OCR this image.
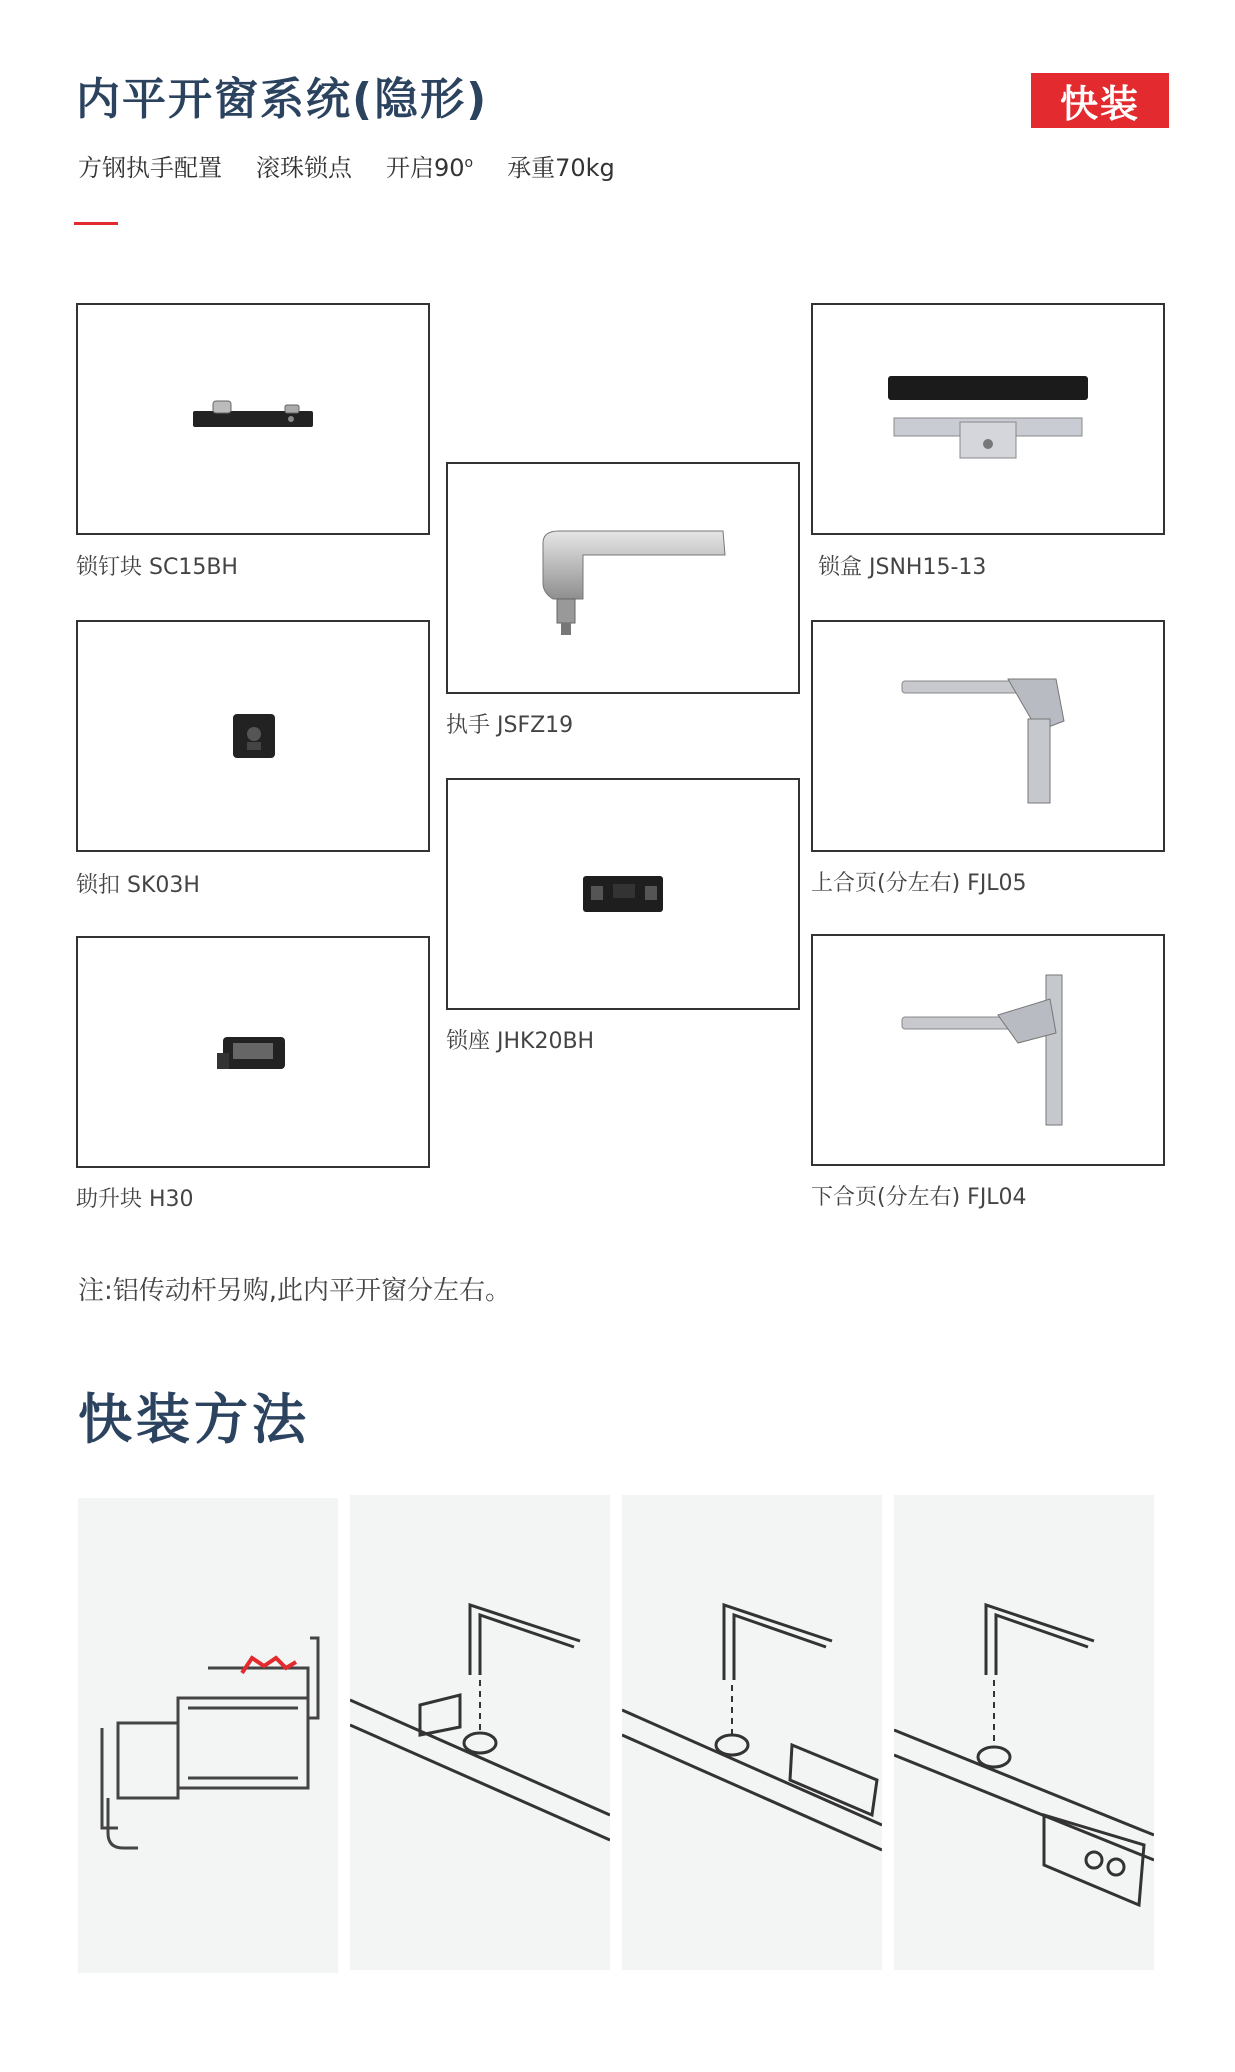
内平开窗系统(隐形)	快装
方钢执手配置 滚珠锁点 开启90$^o$ 承重70kg
锁钉块 SC15BH
锁扣 SK03H
助升块 H30
执手 JSFZ19
锁座 JHK20BH
锁盒 JSNH15-13
上合页(分左右) FJL05
下合页(分左右) FJL04
注:铝传动杆另购,此内平开窗分左右。
快装方法
